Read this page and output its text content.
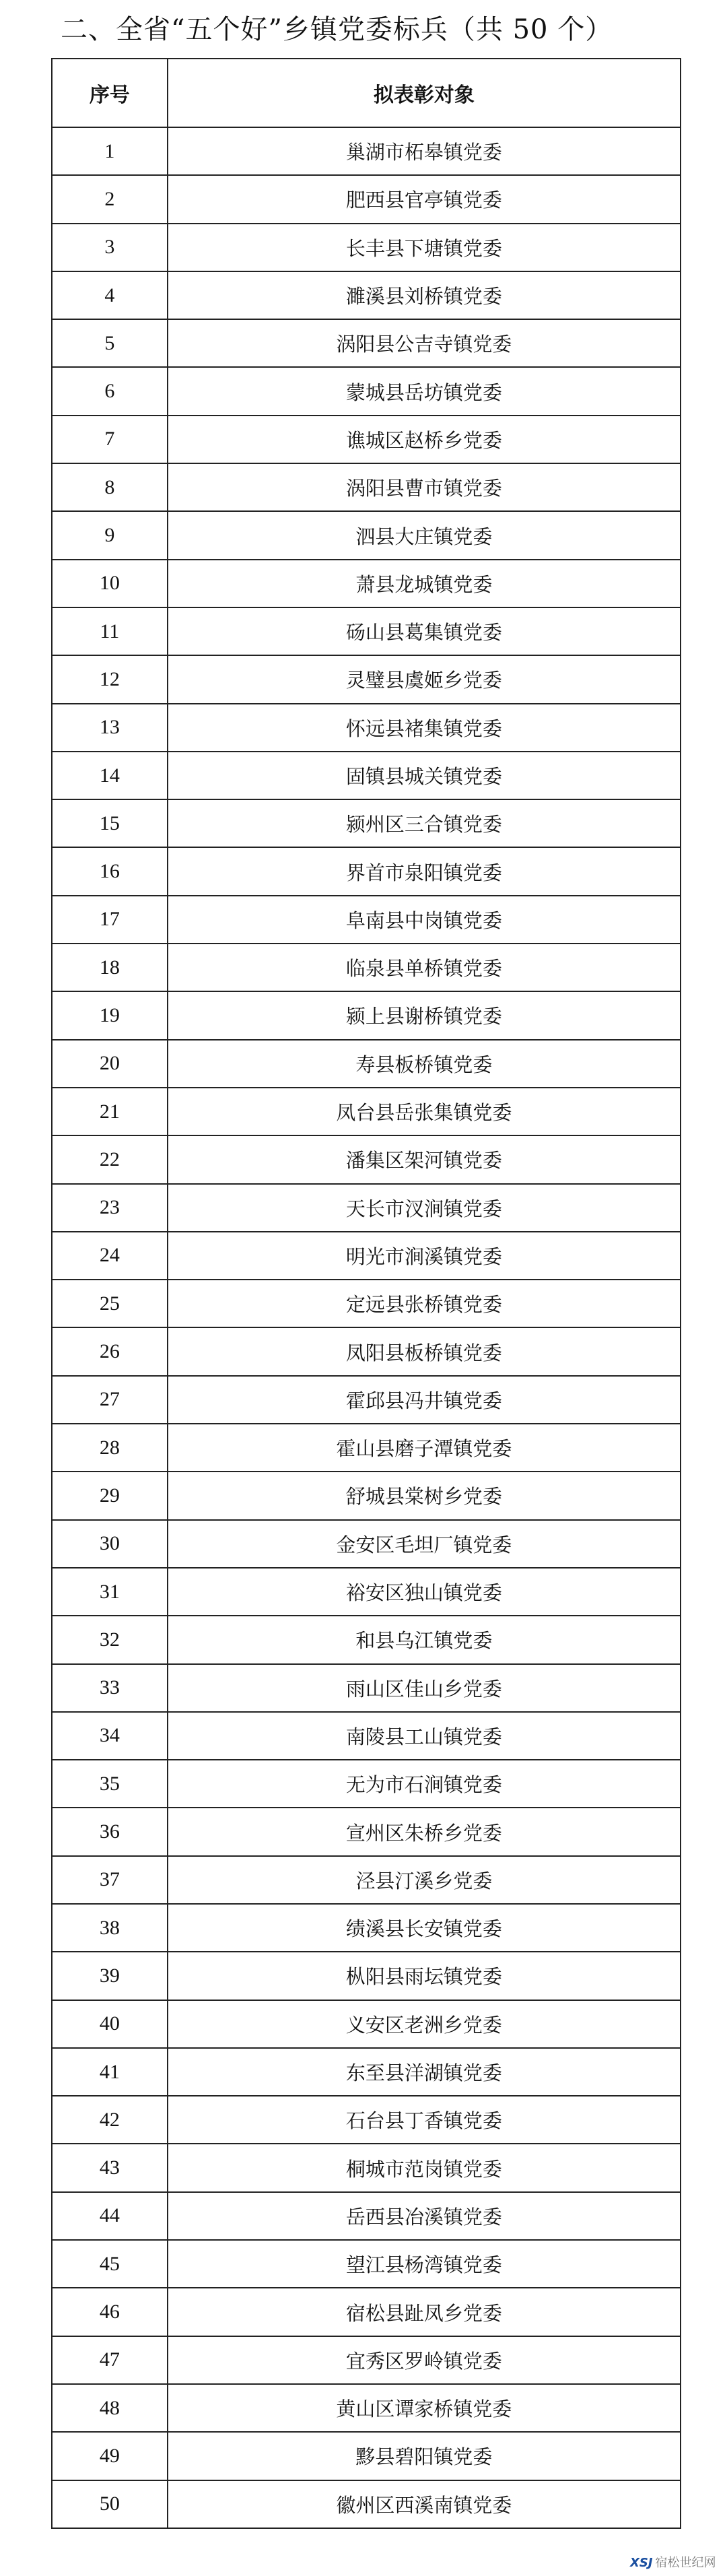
二、全省“五个好”乡镇党委标兵（共 50 个）
序号	拟表彰对象
1	巢湖市柘皋镇党委
2	肥西县官亭镇党委
3	长丰县下塘镇党委
4	濉溪县刘桥镇党委
5	涡阳县公吉寺镇党委
6	蒙城县岳坊镇党委
7	谯城区赵桥乡党委
8	涡阳县曹市镇党委
9	泗县大庄镇党委
10	萧县龙城镇党委
11	砀山县葛集镇党委
12	灵璧县虞姬乡党委
13	怀远县褚集镇党委
14	固镇县城关镇党委
15	颍州区三合镇党委
16	界首市泉阳镇党委
17	阜南县中岗镇党委
18	临泉县单桥镇党委
19	颍上县谢桥镇党委
20	寿县板桥镇党委
21	凤台县岳张集镇党委
22	潘集区架河镇党委
23	天长市汊涧镇党委
24	明光市涧溪镇党委
25	定远县张桥镇党委
26	凤阳县板桥镇党委
27	霍邱县冯井镇党委
28	霍山县磨子潭镇党委
29	舒城县棠树乡党委
30	金安区毛坦厂镇党委
31	裕安区独山镇党委
32	和县乌江镇党委
33	雨山区佳山乡党委
34	南陵县工山镇党委
35	无为市石涧镇党委
36	宣州区朱桥乡党委
37	泾县汀溪乡党委
38	绩溪县长安镇党委
39	枞阳县雨坛镇党委
40	义安区老洲乡党委
41	东至县洋湖镇党委
42	石台县丁香镇党委
43	桐城市范岗镇党委
44	岳西县冶溪镇党委
45	望江县杨湾镇党委
46	宿松县趾凤乡党委
47	宜秀区罗岭镇党委
48	黄山区谭家桥镇党委
49	黟县碧阳镇党委
50	徽州区西溪南镇党委
XSJ 宿松世纪网
